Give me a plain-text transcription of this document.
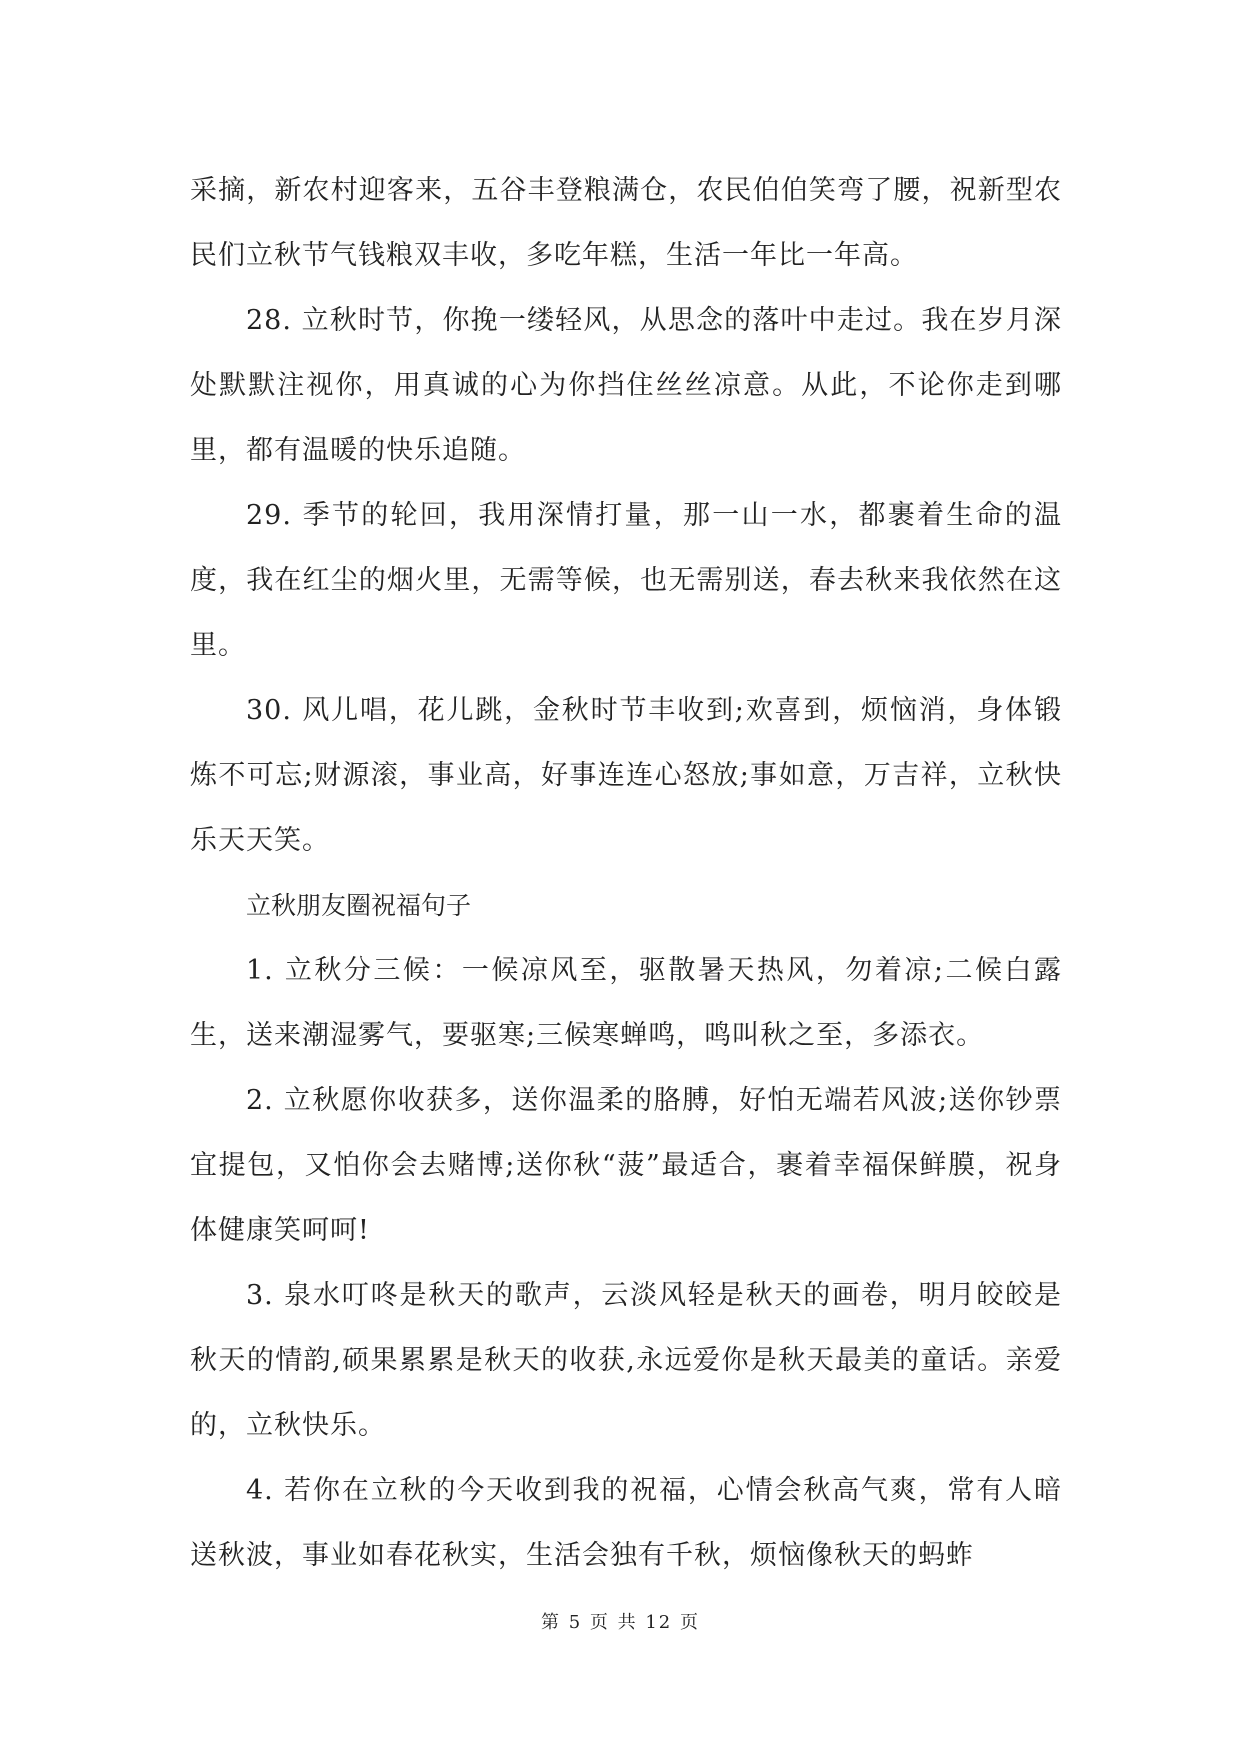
采摘，新农村迎客来，五谷丰登粮满仓，农民伯伯笑弯了腰，祝新型农民们立秋节气钱粮双丰收，多吃年糕，生活一年比一年高。

28. 立秋时节，你挽一缕轻风，从思念的落叶中走过。我在岁月深处默默注视你，用真诚的心为你挡住丝丝凉意。从此，不论你走到哪里，都有温暖的快乐追随。

29. 季节的轮回，我用深情打量，那一山一水，都裹着生命的温度，我在红尘的烟火里，无需等候，也无需别送，春去秋来我依然在这里。

30. 风儿唱，花儿跳，金秋时节丰收到;欢喜到，烦恼消，身体锻炼不可忘;财源滚，事业高，好事连连心怒放;事如意，万吉祥，立秋快乐天天笑。

立秋朋友圈祝福句子

1. 立秋分三候：一候凉风至，驱散暑天热风，勿着凉;二候白露生，送来潮湿雾气，要驱寒;三候寒蝉鸣，鸣叫秋之至，多添衣。

2. 立秋愿你收获多，送你温柔的胳膊，好怕无端若风波;送你钞票宜提包，又怕你会去赌博;送你秋“菠”最适合，裹着幸福保鲜膜，祝身体健康笑呵呵!

3. 泉水叮咚是秋天的歌声，云淡风轻是秋天的画卷，明月皎皎是秋天的情韵,硕果累累是秋天的收获,永远爱你是秋天最美的童话。亲爱的，立秋快乐。

4. 若你在立秋的今天收到我的祝福，心情会秋高气爽，常有人暗送秋波，事业如春花秋实，生活会独有千秋，烦恼像秋天的蚂蚱

第 5 页 共 12 页
